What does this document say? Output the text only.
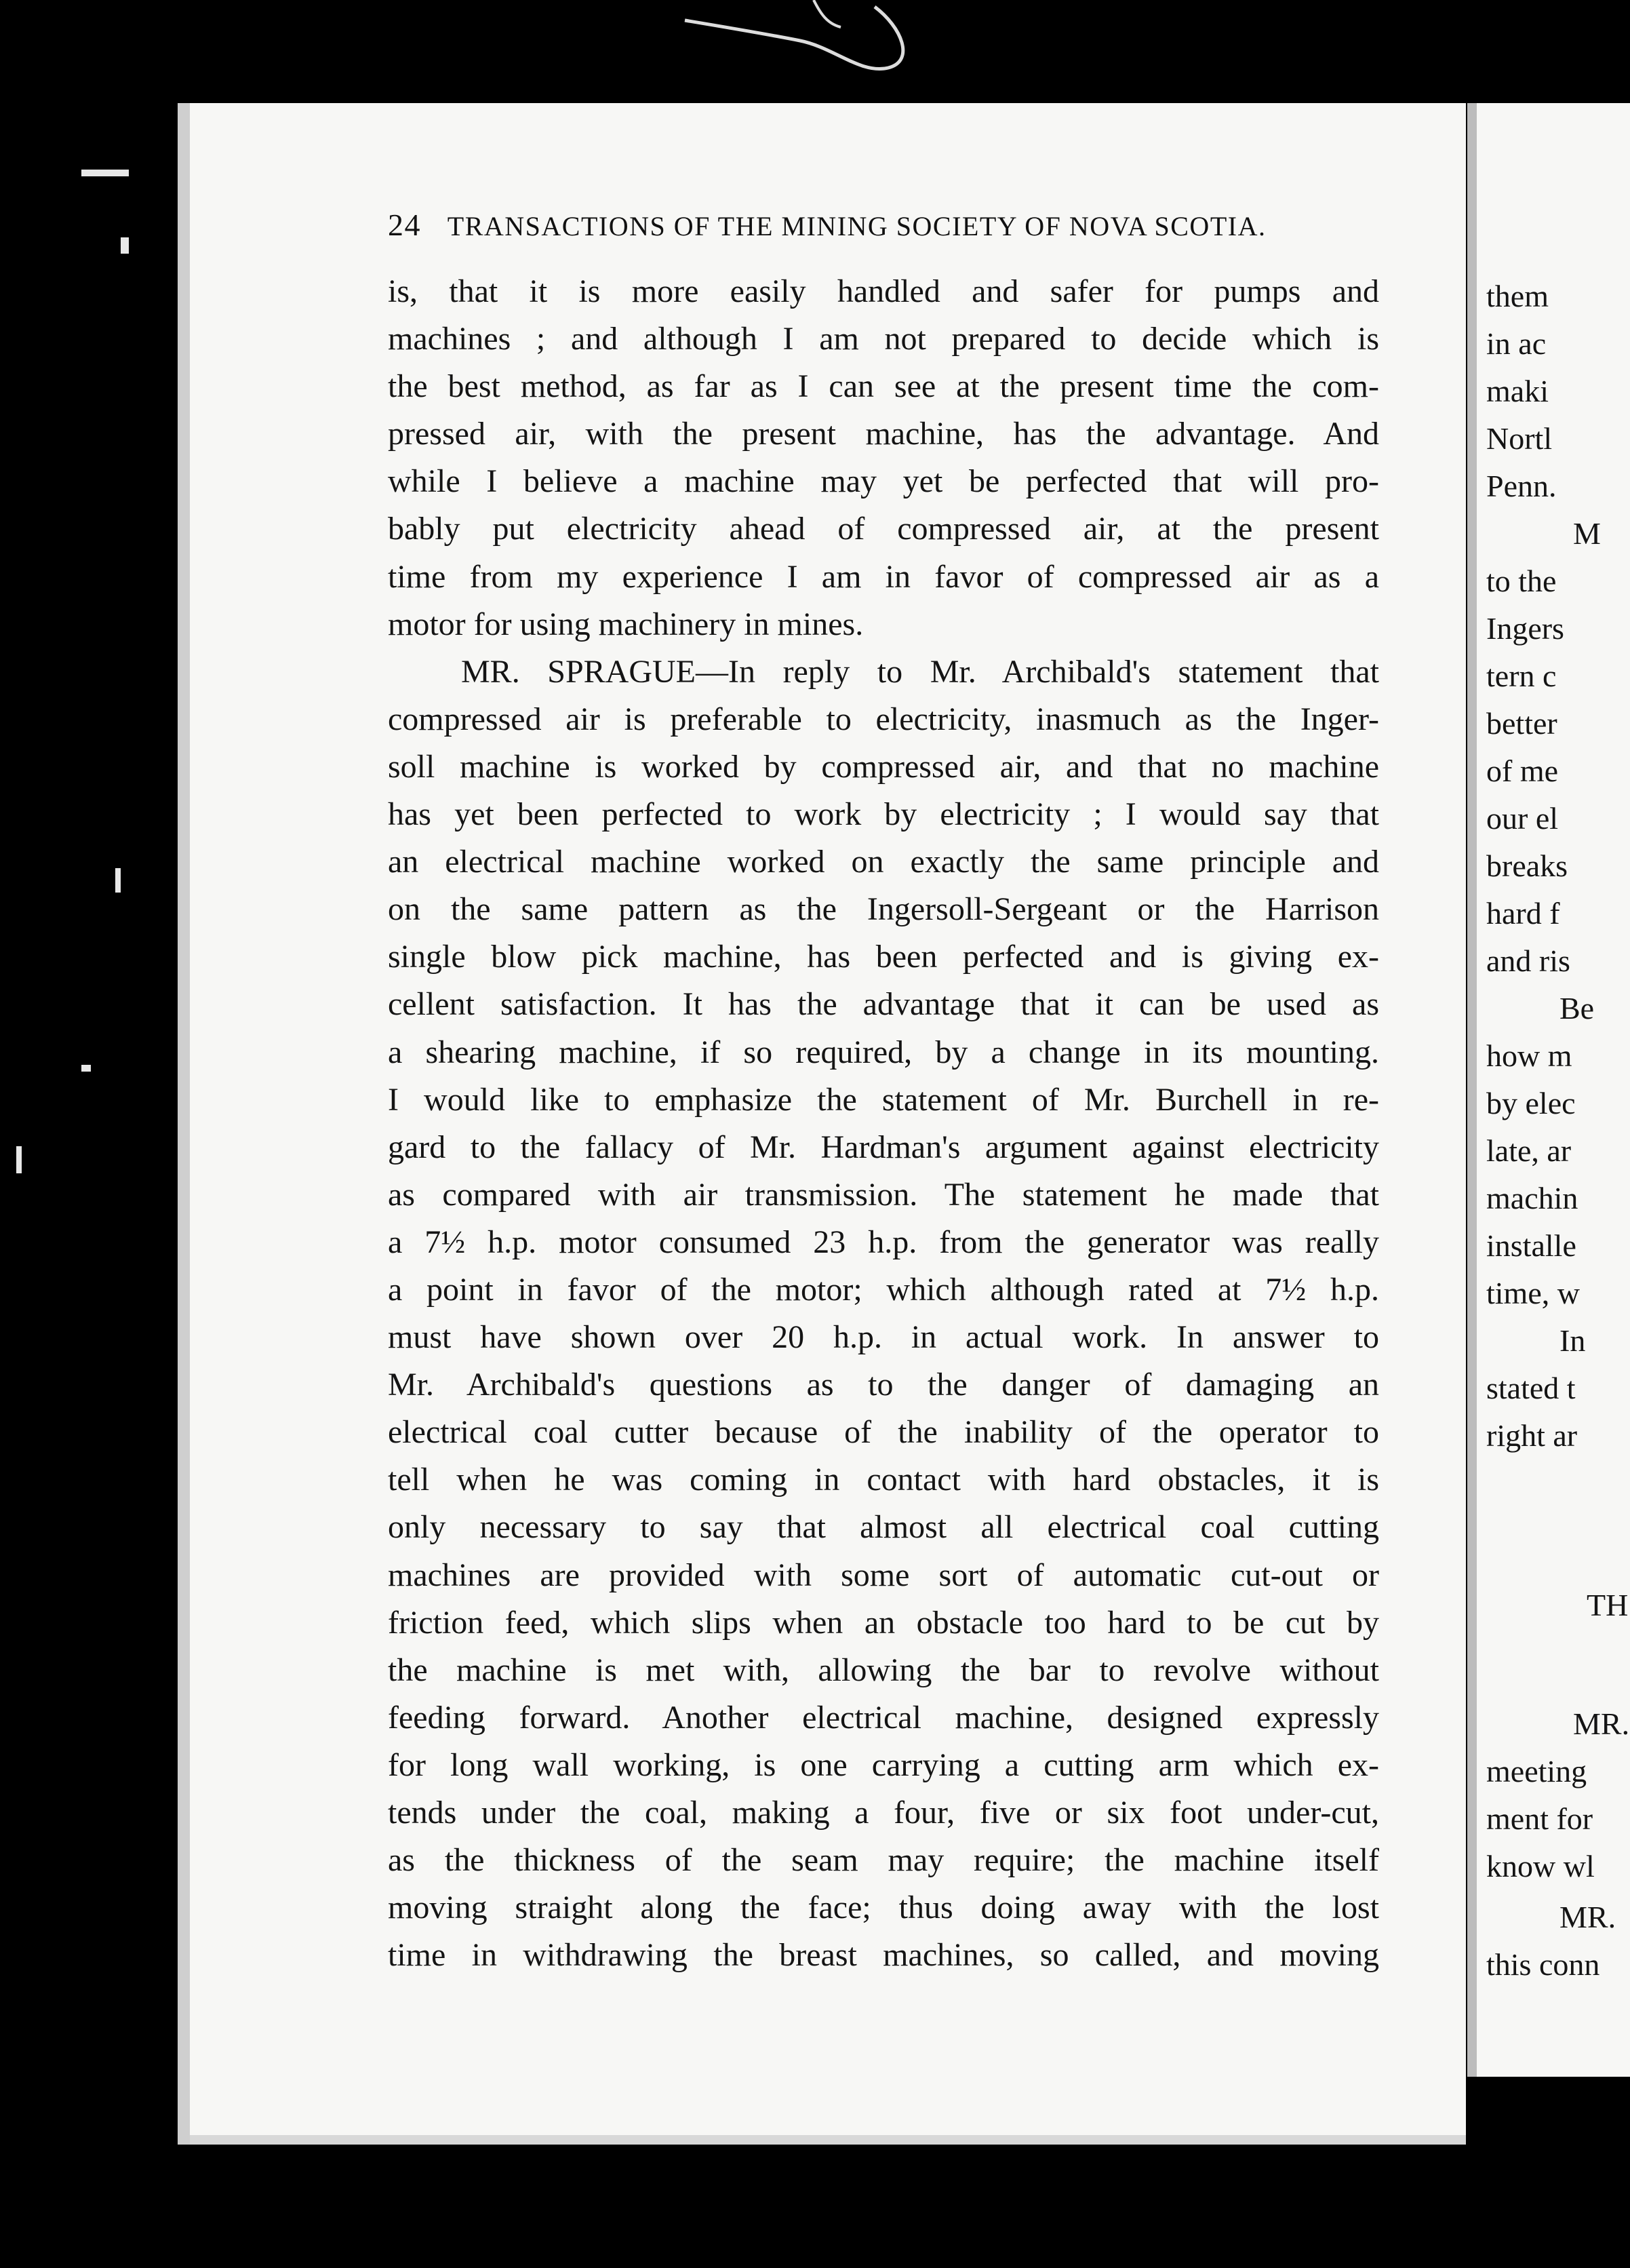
24 TRANSACTIONS OF THE MINING SOCIETY OF NOVA SCOTIA.
is, that it is more easily handled and safer for pumps and
machines ; and although I am not prepared to decide which is
the best method, as far as I can see at the present time the com-
pressed air, with the present machine, has the advantage. And
while I believe a machine may yet be perfected that will pro-
bably put electricity ahead of compressed air, at the present
time from my experience I am in favor of compressed air as a
motor for using machinery in mines.
MR. SPRAGUE—In reply to Mr. Archibald's statement that
compressed air is preferable to electricity, inasmuch as the Inger-
soll machine is worked by compressed air, and that no machine
has yet been perfected to work by electricity ; I would say that
an electrical machine worked on exactly the same principle and
on the same pattern as the Ingersoll-Sergeant or the Harrison
single blow pick machine, has been perfected and is giving ex-
cellent satisfaction. It has the advantage that it can be used as
a shearing machine, if so required, by a change in its mounting.
I would like to emphasize the statement of Mr. Burchell in re-
gard to the fallacy of Mr. Hardman's argument against electricity
as compared with air transmission. The statement he made that
a 7½ h.p. motor consumed 23 h.p. from the generator was really
a point in favor of the motor; which although rated at 7½ h.p.
must have shown over 20 h.p. in actual work. In answer to
Mr. Archibald's questions as to the danger of damaging an
electrical coal cutter because of the inability of the operator to
tell when he was coming in contact with hard obstacles, it is
only necessary to say that almost all electrical coal cutting
machines are provided with some sort of automatic cut-out or
friction feed, which slips when an obstacle too hard to be cut by
the machine is met with, allowing the bar to revolve without
feeding forward. Another electrical machine, designed expressly
for long wall working, is one carrying a cutting arm which ex-
tends under the coal, making a four, five or six foot under-cut,
as the thickness of the seam may require; the machine itself
moving straight along the face; thus doing away with the lost
time in withdrawing the breast machines, so called, and moving
them
in ac
maki
Nortl
Penn.
M
to the
Ingers
tern c
better
of me
our el
breaks
hard f
and ris
Be
how m
by elec
late, ar
machin
installe
time, w
In
stated t
right ar
TH
MR.
meeting
ment for
know wl
MR.
this conn
